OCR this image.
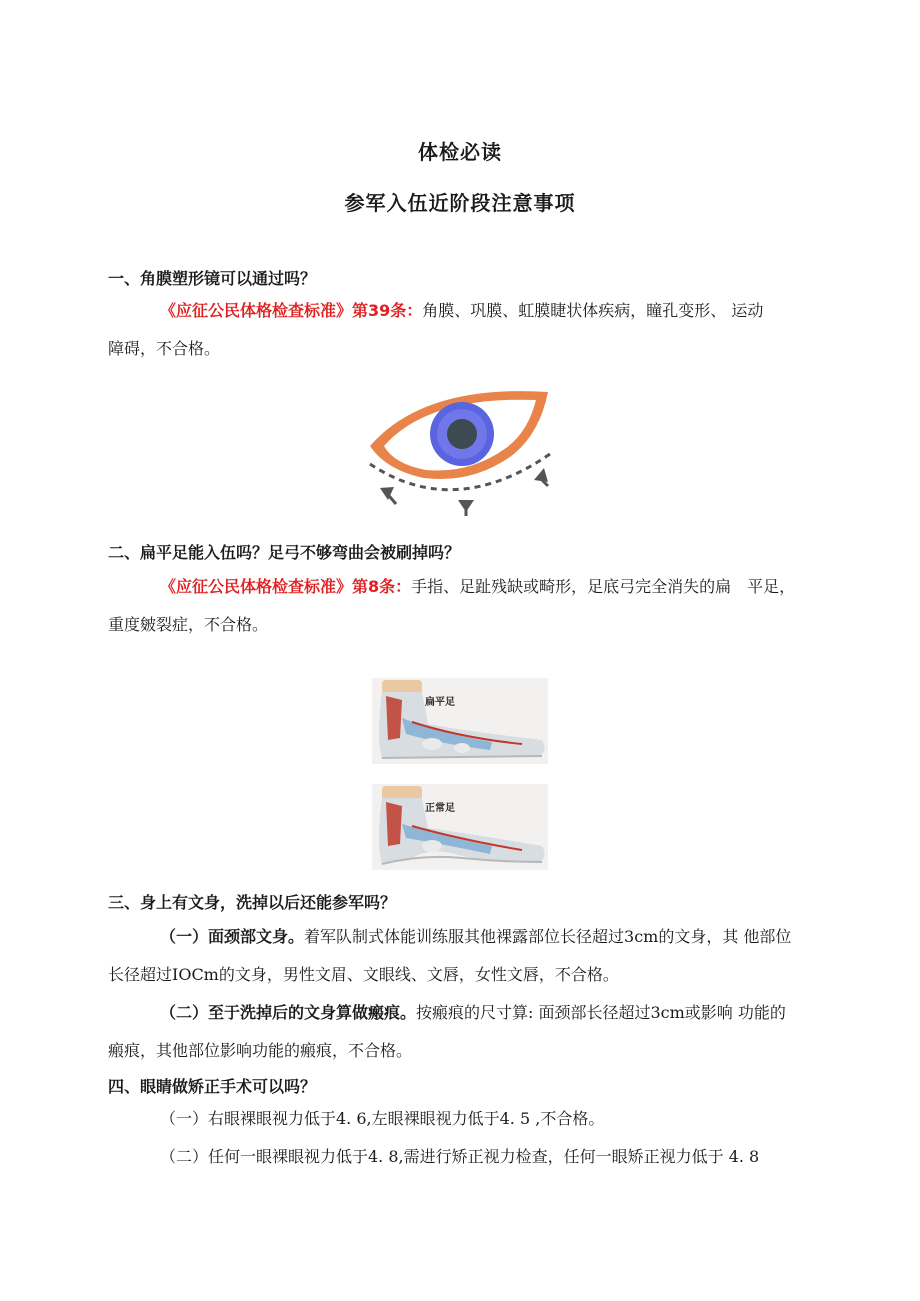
体检必读
参军入伍近阶段注意事项
一、角膜塑形镜可以通过吗？
《应征公民体格检查标准》第39条：角膜、巩膜、虹膜睫状体疾病，瞳孔变形、 运动
障碍，不合格。
二、扁平足能入伍吗？足弓不够弯曲会被刷掉吗？
《应征公民体格检查标准》第8条：手指、足趾残缺或畸形，足底弓完全消失的扁　平足，
重度皴裂症，不合格。
扁平足
正常足
三、身上有文身，洗掉以后还能参军吗？
（一）面颈部文身。着军队制式体能训练服其他裸露部位长径超过3cm的文身，其 他部位
长径超过IOCm的文身，男性文眉、文眼线、文唇，女性文唇，不合格。
（二）至于洗掉后的文身算做瘢痕。按瘢痕的尺寸算: 面颈部长径超过3cm或影响 功能的
瘢痕，其他部位影响功能的瘢痕，不合格。
四、眼睛做矫正手术可以吗？
（一）右眼裸眼视力低于4. 6,左眼裸眼视力低于4. 5 ,不合格。
（二）任何一眼裸眼视力低于4. 8,需进行矫正视力检查，任何一眼矫正视力低于 4. 8
